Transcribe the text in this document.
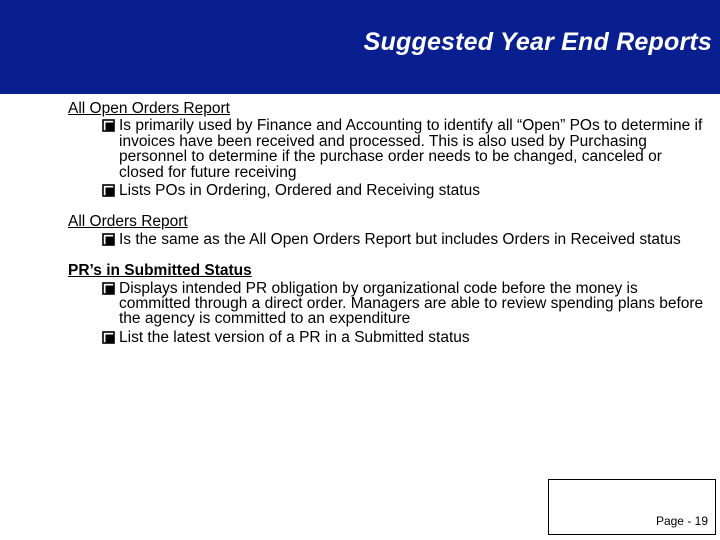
Suggested Year End Reports
All Open Orders Report
Is primarily used by Finance and Accounting to identify all “Open” POs to determine if invoices have been received and processed. This is also used by Purchasing personnel to determine if the purchase order needs to be changed, canceled or closed for future receiving
Lists POs in Ordering, Ordered and Receiving status
All Orders Report
Is the same as the All Open Orders Report but includes Orders in Received status
PR’s in Submitted Status
Displays intended PR obligation by organizational code before the money is committed through a direct order. Managers are able to review spending plans before the agency is committed to an expenditure
List the latest version of a PR in a Submitted status
Page - 19
